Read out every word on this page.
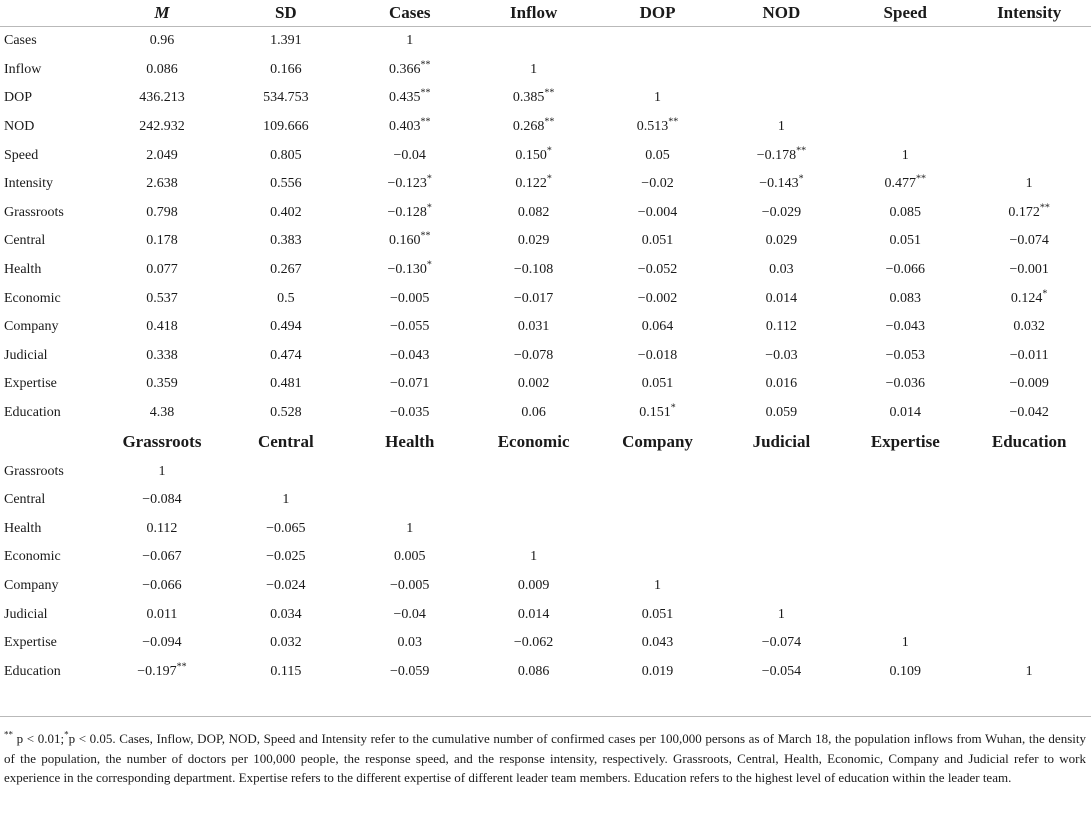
	M	SD	Cases	Inflow	DOP	NOD	Speed	Intensity
Cases	0.96	1.391	1					
Inflow	0.086	0.166	0.366**	1				
DOP	436.213	534.753	0.435**	0.385**	1			
NOD	242.932	109.666	0.403**	0.268**	0.513**	1		
Speed	2.049	0.805	−0.04	0.150*	0.05	−0.178**	1	
Intensity	2.638	0.556	−0.123*	0.122*	−0.02	−0.143*	0.477**	1
Grassroots	0.798	0.402	−0.128*	0.082	−0.004	−0.029	0.085	0.172**
Central	0.178	0.383	0.160**	0.029	0.051	0.029	0.051	−0.074
Health	0.077	0.267	−0.130*	−0.108	−0.052	0.03	−0.066	−0.001
Economic	0.537	0.5	−0.005	−0.017	−0.002	0.014	0.083	0.124*
Company	0.418	0.494	−0.055	0.031	0.064	0.112	−0.043	0.032
Judicial	0.338	0.474	−0.043	−0.078	−0.018	−0.03	−0.053	−0.011
Expertise	0.359	0.481	−0.071	0.002	0.051	0.016	−0.036	−0.009
Education	4.38	0.528	−0.035	0.06	0.151*	0.059	0.014	−0.042
	Grassroots	Central	Health	Economic	Company	Judicial	Expertise	Education
Grassroots	1							
Central	−0.084	1						
Health	0.112	−0.065	1					
Economic	−0.067	−0.025	0.005	1				
Company	−0.066	−0.024	−0.005	0.009	1			
Judicial	0.011	0.034	−0.04	0.014	0.051	1		
Expertise	−0.094	0.032	0.03	−0.062	0.043	−0.074	1	
Education	−0.197**	0.115	−0.059	0.086	0.019	−0.054	0.109	1
** p < 0.01;*p < 0.05. Cases, Inflow, DOP, NOD, Speed and Intensity refer to the cumulative number of confirmed cases per 100,000 persons as of March 18, the population inflows from Wuhan, the density of the population, the number of doctors per 100,000 people, the response speed, and the response intensity, respectively. Grassroots, Central, Health, Economic, Company and Judicial refer to work experience in the corresponding department. Expertise refers to the different expertise of different leader team members. Education refers to the highest level of education within the leader team.
